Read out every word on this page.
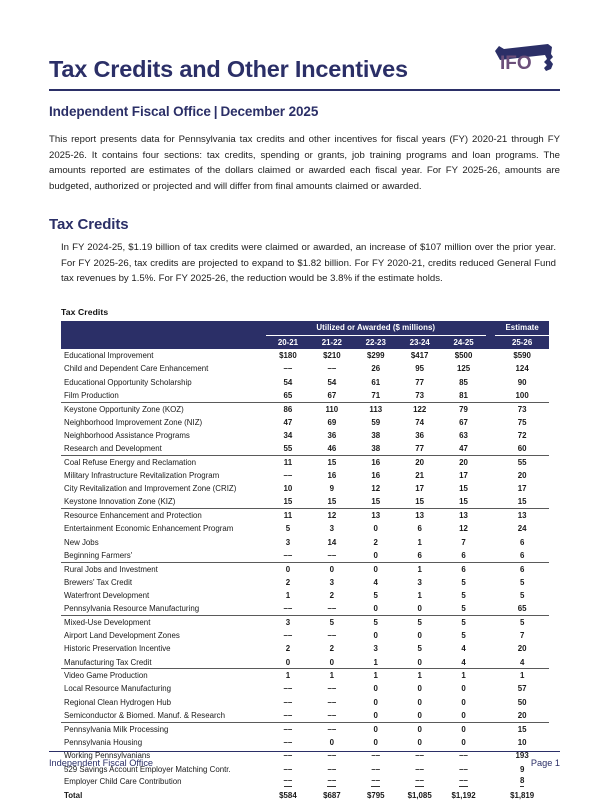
Tax Credits and Other Incentives	IFO
Independent Fiscal Office | December 2025

This report presents data for Pennsylvania tax credits and other incentives for fiscal years (FY) 2020-21 through FY 2025-26. It contains four sections: tax credits, spending or grants, job training programs and loan programs. The amounts reported are estimates of the dollars claimed or awarded each fiscal year. For FY 2025-26, amounts are budgeted, authorized or projected and will differ from final amounts claimed or awarded.

Tax Credits

In FY 2024-25, $1.19 billion of tax credits were claimed or awarded, an increase of $107 million over the prior year. For FY 2025-26, tax credits are projected to expand to $1.82 billion. For FY 2020-21, credits reduced General Fund tax revenues by 1.5%. For FY 2025-26, the reduction would be 3.8% if the estimate holds.

Tax Credits
	Utilized or Awarded ($ millions)						Estimate
	20-21	21-22	22-23	23-24	24-25		25-26
Educational Improvement	$180	$210	$299	$417	$500		$590
Child and Dependent Care Enhancement	––	––	26	95	125		124
Educational Opportunity Scholarship	54	54	61	77	85		90
Film Production	65	67	71	73	81		100
Keystone Opportunity Zone (KOZ)	86	110	113	122	79		73
Neighborhood Improvement Zone (NIZ)	47	69	59	74	67		75
Neighborhood Assistance Programs	34	36	38	36	63		72
Research and Development	55	46	38	77	47		60
Coal Refuse Energy and Reclamation	11	15	16	20	20		55
Military Infrastructure Revitalization Program	––	16	16	21	17		20
City Revitalization and Improvement Zone (CRIZ)	10	9	12	17	15		17
Keystone Innovation Zone (KIZ)	15	15	15	15	15		15
Resource Enhancement and Protection	11	12	13	13	13		13
Entertainment Economic Enhancement Program	5	3	0	6	12		24
New Jobs	3	14	2	1	7		6
Beginning Farmers'	––	––	0	6	6		6
Rural Jobs and Investment	0	0	0	1	6		6
Brewers' Tax Credit	2	3	4	3	5		5
Waterfront Development	1	2	5	1	5		5
Pennsylvania Resource Manufacturing	––	––	0	0	5		65
Mixed-Use Development	3	5	5	5	5		5
Airport Land Development Zones	––	––	0	0	5		7
Historic Preservation Incentive	2	2	3	5	4		20
Manufacturing Tax Credit	0	0	1	0	4		4
Video Game Production	1	1	1	1	1		1
Local Resource Manufacturing	––	––	0	0	0		57
Regional Clean Hydrogen Hub	––	––	0	0	0		50
Semiconductor & Biomed. Manuf. & Research	––	––	0	0	0		20
Pennsylvania Milk Processing	––	––	0	0	0		15
Pennsylvania Housing	––	0	0	0	0		10
Working Pennsylvanians	––	––	––	––	––		193
529 Savings Account Employer Matching Contr.	––	––	––	––	––		9
Employer Child Care Contribution	––	––	––	––	––		8
Total	$584	$687	$795	$1,085	$1,192		$1,819
Independent Fiscal Office	Page 1
